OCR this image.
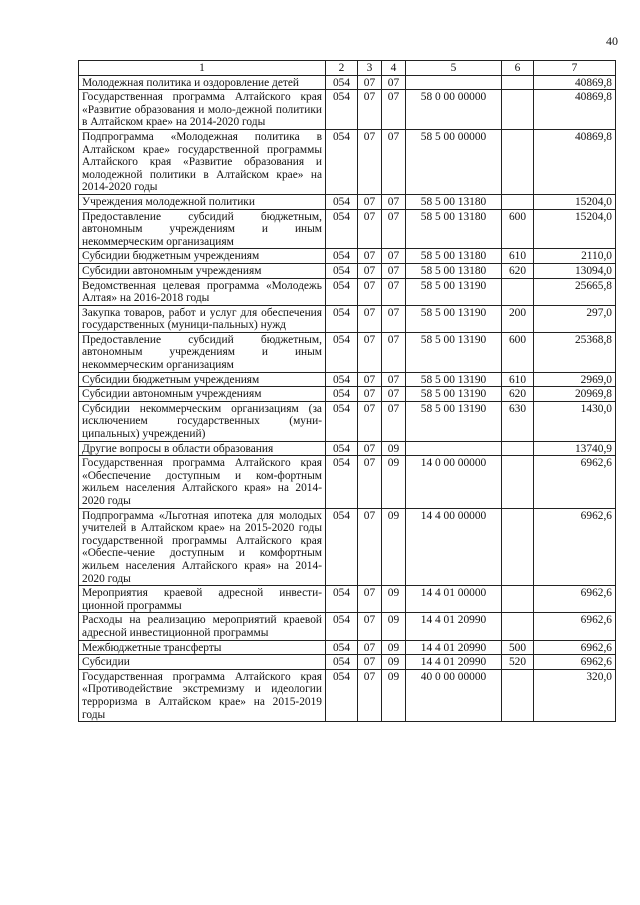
40
1	2	3	4	5	6	7
Молодежная политика и оздоровление детей	054	07	07			40869,8
Государственная программа Алтайского края «Развитие образования и моло-дежной политики в Алтайском крае» на 2014-2020 годы	054	07	07	58 0 00 00000		40869,8
Подпрограмма «Молодежная политика в Алтайском крае» государственной программы Алтайского края «Развитие образования и молодежной политики в Алтайском крае» на 2014-2020 годы	054	07	07	58 5 00 00000		40869,8
Учреждения молодежной политики	054	07	07	58 5 00 13180		15204,0
Предоставление субсидий бюджетным, автономным учреждениям и иным некоммерческим организациям	054	07	07	58 5 00 13180	600	15204,0
Субсидии бюджетным учреждениям	054	07	07	58 5 00 13180	610	2110,0
Субсидии автономным учреждениям	054	07	07	58 5 00 13180	620	13094,0
Ведомственная целевая программа «Молодежь Алтая» на 2016-2018 годы	054	07	07	58 5 00 13190		25665,8
Закупка товаров, работ и услуг для обеспечения государственных (муници-пальных) нужд	054	07	07	58 5 00 13190	200	297,0
Предоставление субсидий бюджетным, автономным учреждениям и иным некоммерческим организациям	054	07	07	58 5 00 13190	600	25368,8
Субсидии бюджетным учреждениям	054	07	07	58 5 00 13190	610	2969,0
Субсидии автономным учреждениям	054	07	07	58 5 00 13190	620	20969,8
Субсидии некоммерческим организациям (за исключением государственных (муни-ципальных) учреждений)	054	07	07	58 5 00 13190	630	1430,0
Другие вопросы в области образования	054	07	09			13740,9
Государственная программа Алтайского края «Обеспечение доступным и ком-фортным жильем населения Алтайского края» на 2014-2020 годы	054	07	09	14 0 00 00000		6962,6
Подпрограмма «Льготная ипотека для молодых учителей в Алтайском крае» на 2015-2020 годы государственной программы Алтайского края «Обеспе-чение доступным и комфортным жильем населения Алтайского края» на 2014-2020 годы	054	07	09	14 4 00 00000		6962,6
Мероприятия краевой адресной инвести-ционной программы	054	07	09	14 4 01 00000		6962,6
Расходы на реализацию мероприятий краевой адресной инвестиционной программы	054	07	09	14 4 01 20990		6962,6
Межбюджетные трансферты	054	07	09	14 4 01 20990	500	6962,6
Субсидии	054	07	09	14 4 01 20990	520	6962,6
Государственная программа Алтайского края «Противодействие экстремизму и идеологии терроризма в Алтайском крае» на 2015-2019 годы	054	07	09	40 0 00 00000		320,0
